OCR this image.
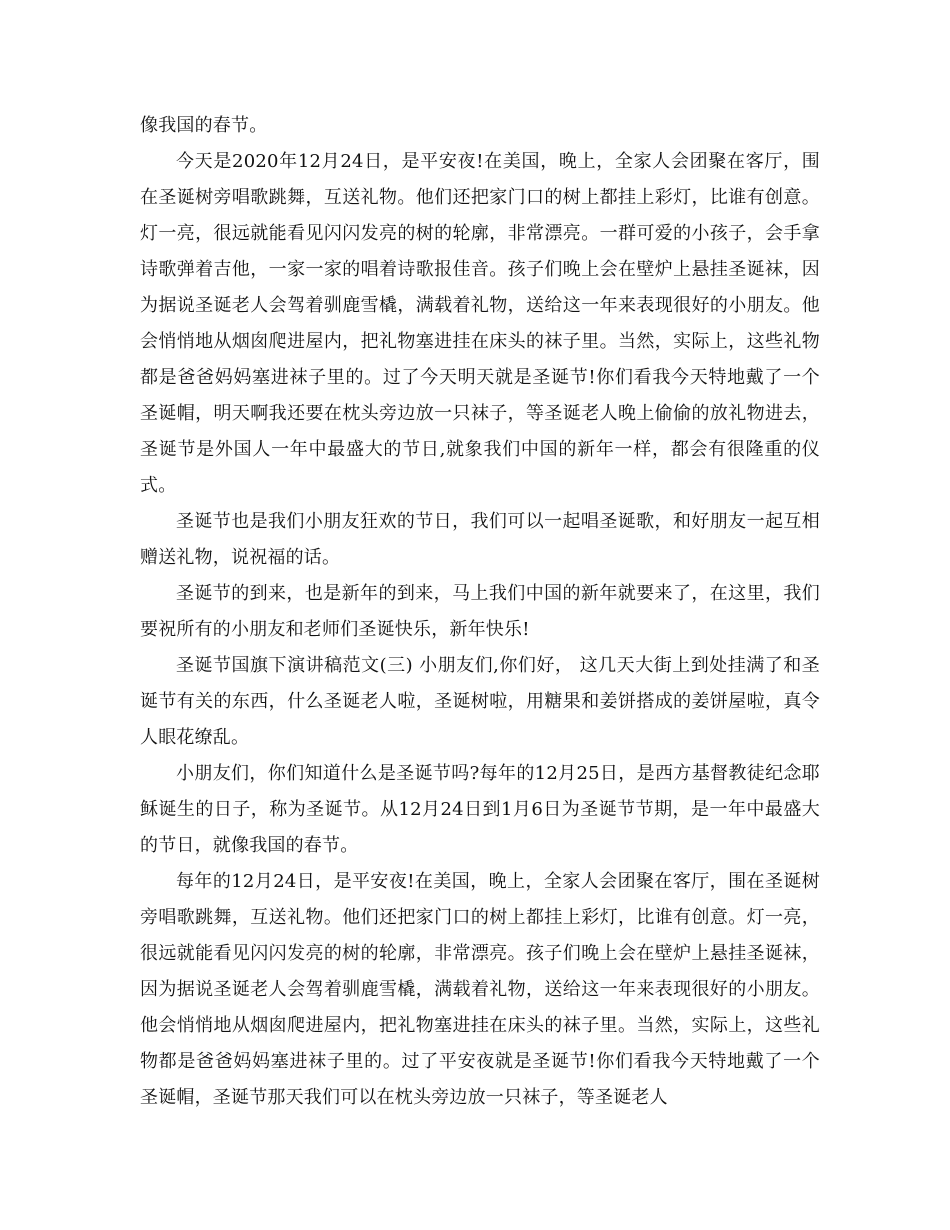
像我国的春节。

今天是2020年12月24日，是平安夜!在美国，晚上，全家人会团聚在客厅，围在圣诞树旁唱歌跳舞，互送礼物。他们还把家门口的树上都挂上彩灯，比谁有创意。灯一亮，很远就能看见闪闪发亮的树的轮廓，非常漂亮。一群可爱的小孩子，会手拿诗歌弹着吉他，一家一家的唱着诗歌报佳音。孩子们晚上会在壁炉上悬挂圣诞袜，因为据说圣诞老人会驾着驯鹿雪橇，满载着礼物，送给这一年来表现很好的小朋友。他会悄悄地从烟囱爬进屋内，把礼物塞进挂在床头的袜子里。当然，实际上，这些礼物都是爸爸妈妈塞进袜子里的。过了今天明天就是圣诞节!你们看我今天特地戴了一个圣诞帽，明天啊我还要在枕头旁边放一只袜子，等圣诞老人晚上偷偷的放礼物进去， 圣诞节是外国人一年中最盛大的节日,就象我们中国的新年一样，都会有很隆重的仪式。

圣诞节也是我们小朋友狂欢的节日，我们可以一起唱圣诞歌，和好朋友一起互相赠送礼物，说祝福的话。

圣诞节的到来，也是新年的到来，马上我们中国的新年就要来了，在这里，我们要祝所有的小朋友和老师们圣诞快乐，新年快乐!

圣诞节国旗下演讲稿范文(三) 小朋友们,你们好， 这几天大街上到处挂满了和圣诞节有关的东西，什么圣诞老人啦，圣诞树啦，用糖果和姜饼搭成的姜饼屋啦，真令人眼花缭乱。

小朋友们，你们知道什么是圣诞节吗?每年的12月25日，是西方基督教徒纪念耶稣诞生的日子，称为圣诞节。从12月24日到1月6日为圣诞节节期，是一年中最盛大的节日，就像我国的春节。

每年的12月24日，是平安夜!在美国，晚上，全家人会团聚在客厅，围在圣诞树旁唱歌跳舞，互送礼物。他们还把家门口的树上都挂上彩灯，比谁有创意。灯一亮，很远就能看见闪闪发亮的树的轮廓，非常漂亮。孩子们晚上会在壁炉上悬挂圣诞袜，因为据说圣诞老人会驾着驯鹿雪橇，满载着礼物，送给这一年来表现很好的小朋友。他会悄悄地从烟囱爬进屋内，把礼物塞进挂在床头的袜子里。当然，实际上，这些礼物都是爸爸妈妈塞进袜子里的。过了平安夜就是圣诞节!你们看我今天特地戴了一个圣诞帽，圣诞节那天我们可以在枕头旁边放一只袜子，等圣诞老人
